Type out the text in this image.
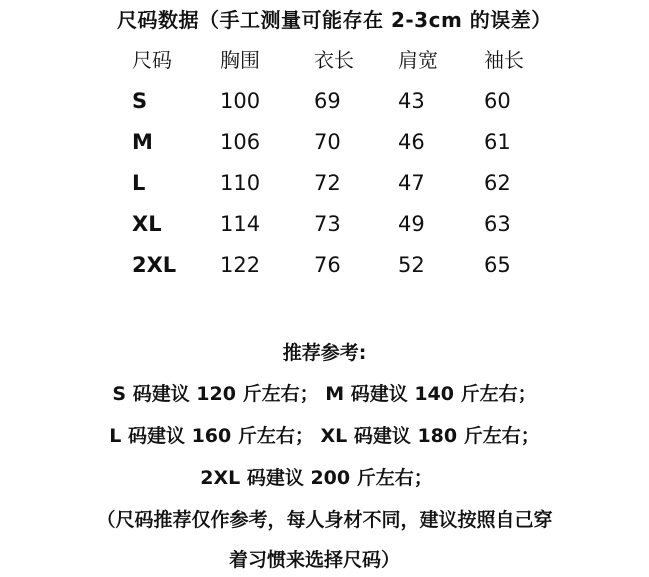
尺码数据（手工测量可能存在 2-3cm 的误差）
尺码 胸围	衣长 肩宽 袖长
S	100	69	43	60
M	106	70	46	61
L	110	72	47	62
XL	114	73	49	63
2XL 122	76	52	65
推荐参考:
S 码建议 120 斤左右； M 码建议 140 斤左右；
L 码建议 160 斤左右； XL 码建议 180 斤左右；
2XL 码建议 200 斤左右；
（尺码推荐仅作参考，每人身材不同，建议按照自己穿
着习惯来选择尺码）
